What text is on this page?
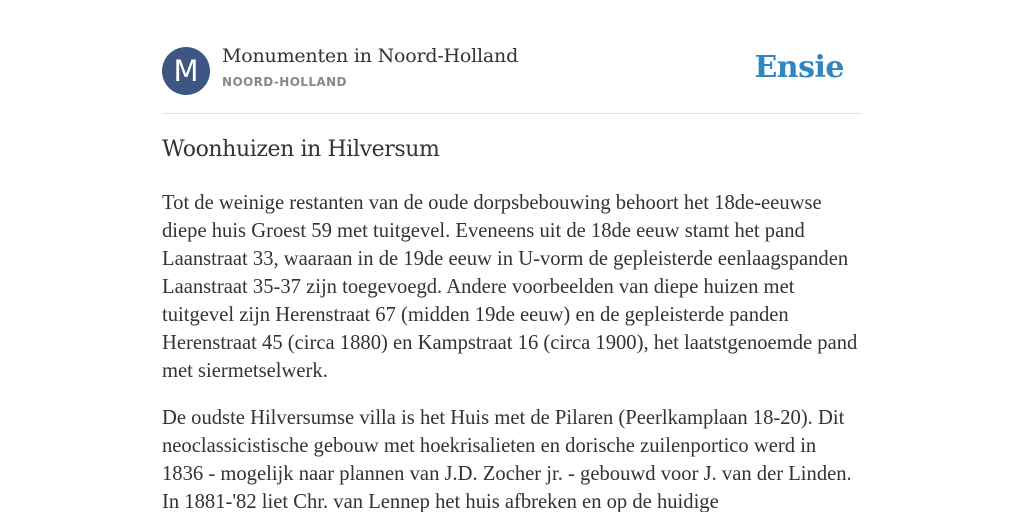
M	Monumenten in Noord-Holland
NOORD-HOLLAND	Ensie
Woonhuizen in Hilversum

Tot de weinige restanten van de oude dorpsbebouwing behoort het 18de-eeuwse diepe huis Groest 59 met tuitgevel. Eveneens uit de 18de eeuw stamt het pand Laanstraat 33, waaraan in de 19de eeuw in U-vorm de gepleisterde eenlaagspanden Laanstraat 35-37 zijn toegevoegd. Andere voorbeelden van diepe huizen met tuitgevel zijn Herenstraat 67 (midden 19de eeuw) en de gepleisterde panden Herenstraat 45 (circa 1880) en Kampstraat 16 (circa 1900), het laatstgenoemde pand met siermetselwerk.

De oudste Hilversumse villa is het Huis met de Pilaren (Peerlkamplaan 18-20). Dit neoclassicistische gebouw met hoekrisalieten en dorische zuilenportico werd in 1836 - mogelijk naar plannen van J.D. Zocher jr. - gebouwd voor J. van der Linden. In 1881-'82 liet Chr. van Lennep het huis afbreken en op de huidige
